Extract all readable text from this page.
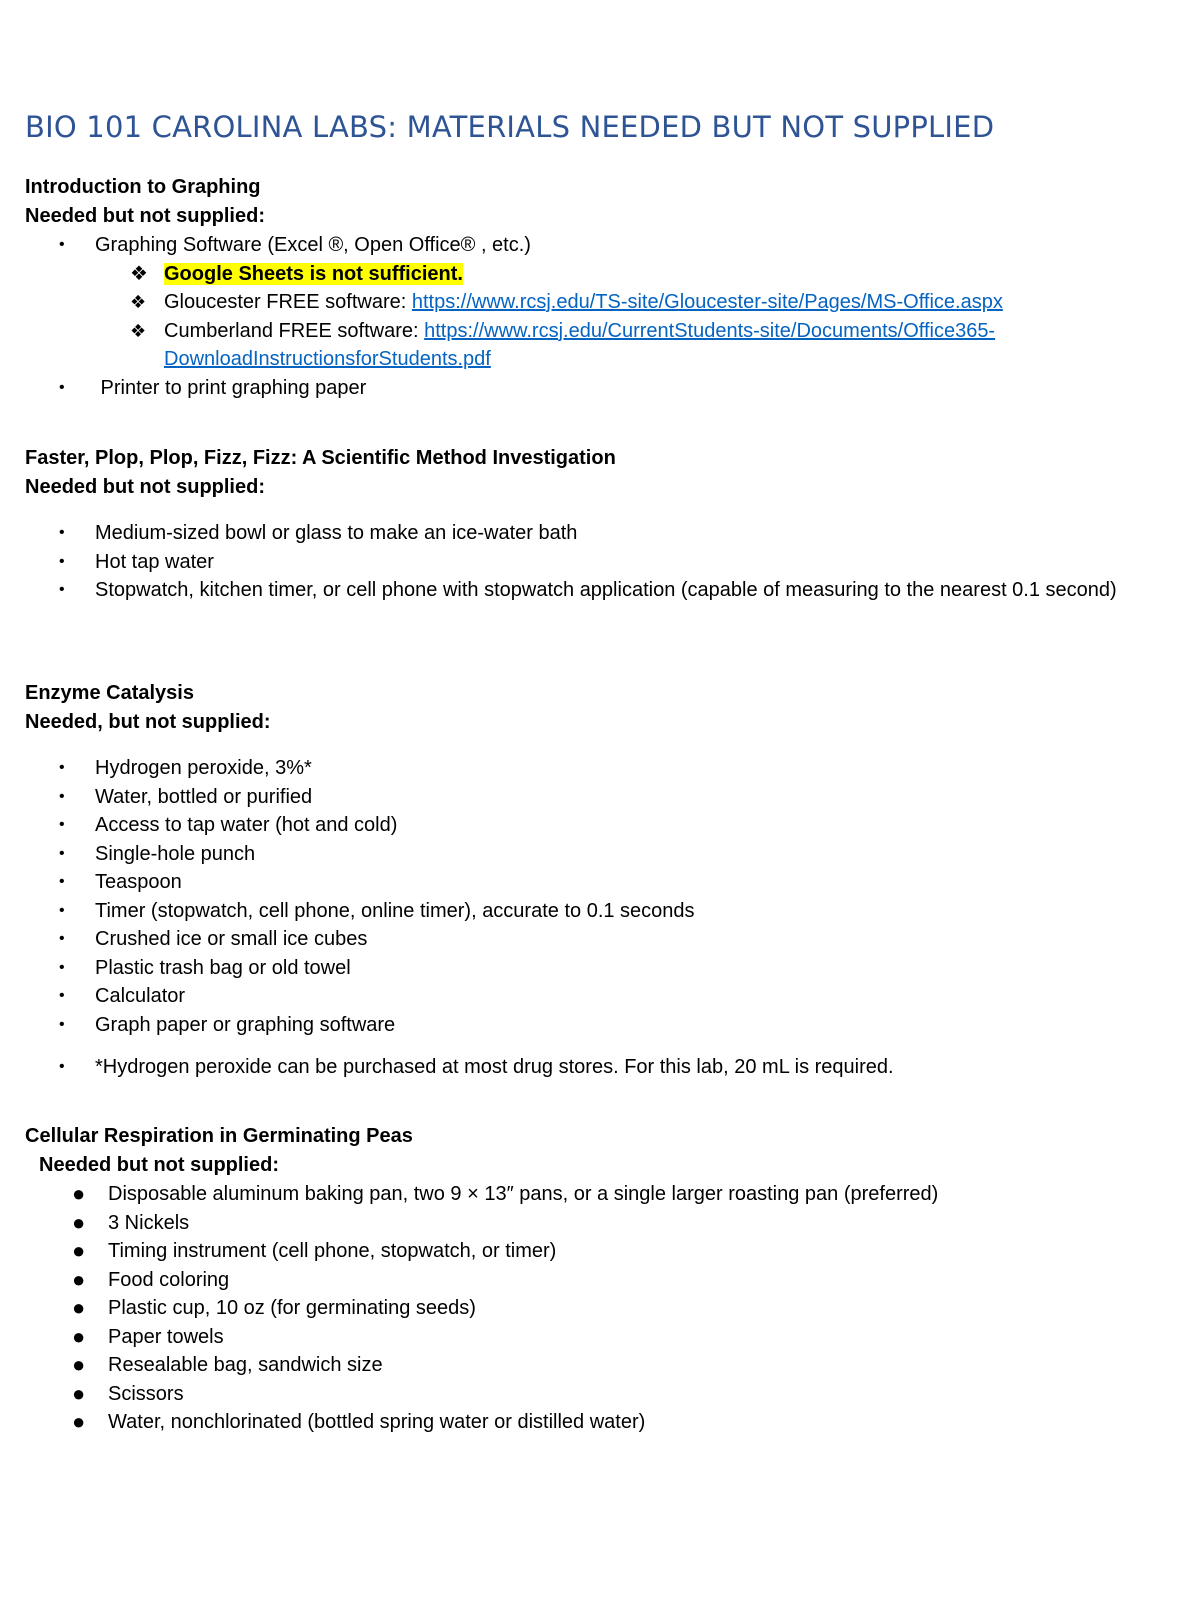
BIO 101 CAROLINA LABS: MATERIALS NEEDED BUT NOT SUPPLIED
Introduction to Graphing
Needed but not supplied:
• Graphing Software (Excel ®, Open Office® , etc.)
❖ Google Sheets is not sufficient.
❖ Gloucester FREE software: https://www.rcsj.edu/TS-site/Gloucester-site/Pages/MS-Office.aspx
❖ Cumberland FREE software: https://www.rcsj.edu/CurrentStudents-site/Documents/Office365-
DownloadInstructionsforStudents.pdf
• Printer to print graphing paper
Faster, Plop, Plop, Fizz, Fizz: A Scientific Method Investigation
Needed but not supplied:
• Medium-sized bowl or glass to make an ice-water bath
• Hot tap water
• Stopwatch, kitchen timer, or cell phone with stopwatch application (capable of measuring to the nearest 0.1 second)
Enzyme Catalysis
Needed, but not supplied:
• Hydrogen peroxide, 3%*
• Water, bottled or purified
• Access to tap water (hot and cold)
• Single-hole punch
• Teaspoon
• Timer (stopwatch, cell phone, online timer), accurate to 0.1 seconds
• Crushed ice or small ice cubes
• Plastic trash bag or old towel
• Calculator
• Graph paper or graphing software
• *Hydrogen peroxide can be purchased at most drug stores. For this lab, 20 mL is required.
Cellular Respiration in Germinating Peas
Needed but not supplied:
● Disposable aluminum baking pan, two 9 × 13″ pans, or a single larger roasting pan (preferred)
● 3 Nickels
● Timing instrument (cell phone, stopwatch, or timer)
● Food coloring
● Plastic cup, 10 oz (for germinating seeds)
● Paper towels
● Resealable bag, sandwich size
● Scissors
● Water, nonchlorinated (bottled spring water or distilled water)
